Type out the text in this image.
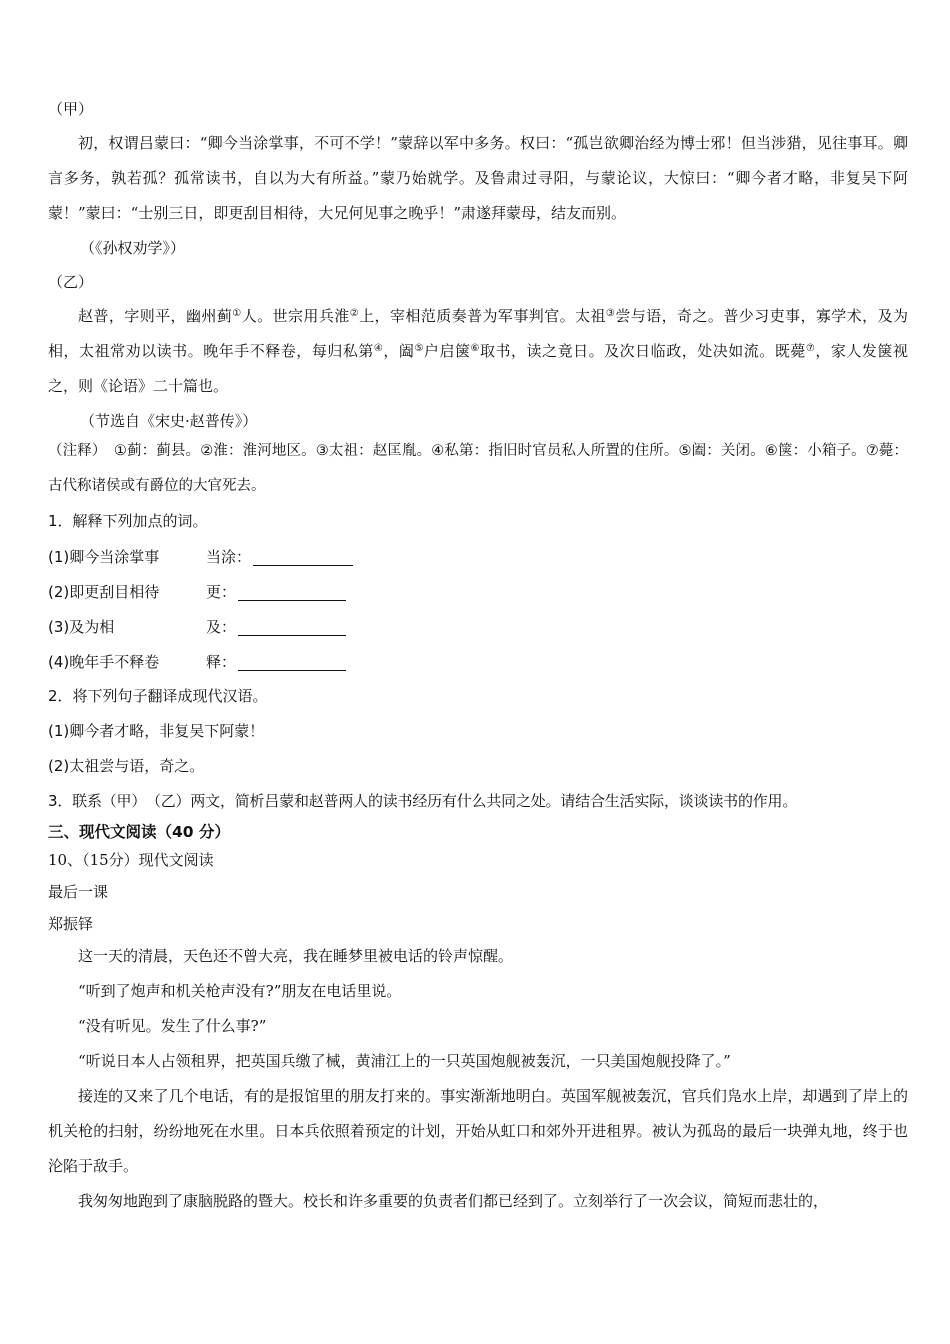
（甲）

初，权谓吕蒙曰：“卿今当涂掌事，不可不学！”蒙辞以军中多务。权曰：“孤岂欲卿治经为博士邪！但当涉猎，见往事耳。卿言多务，孰若孤？孤常读书，自以为大有所益。”蒙乃始就学。及鲁肃过寻阳，与蒙论议，大惊曰：“卿今者才略，非复吴下阿蒙！”蒙曰：“士别三日，即更刮目相待，大兄何见事之晚乎！”肃遂拜蒙母，结友而别。

（《孙权劝学》）
（乙）

赵普，字则平，幽州蓟①人。世宗用兵淮②上，宰相范质奏普为军事判官。太祖③尝与语，奇之。普少习吏事，寡学术，及为相，太祖常劝以读书。晚年手不释卷，每归私第④，阖⑤户启箧⑥取书，读之竟日。及次日临政，处决如流。既薨⑦，家人发箧视之，则《论语》二十篇也。

（节选自《宋史·赵普传》）

（注释）　①蓟：蓟县。②淮：淮河地区。③太祖：赵匡胤。④私第：指旧时官员私人所置的住所。⑤阖：关闭。⑥箧：小箱子。⑦薨：古代称诸侯或有爵位的大官死去。

1．解释下列加点的词。
(1)卿今当涂掌事	当涂：
(2)即更刮目相待	更：
(3)及为相	及：
(4)晚年手不释卷	释：
2．将下列句子翻译成现代汉语。
(1)卿今者才略，非复吴下阿蒙！
(2)太祖尝与语，奇之。
3．联系（甲）　（乙）两文，简析吕蒙和赵普两人的读书经历有什么共同之处。请结合生活实际，谈谈读书的作用。
三、现代文阅读（40 分）
10、（15分）现代文阅读
最后一课
郑振铎

这一天的清晨，天色还不曾大亮，我在睡梦里被电话的铃声惊醒。

“听到了炮声和机关枪声没有?”朋友在电话里说。

“没有听见。发生了什么事?”

“听说日本人占领租界，把英国兵缴了械，黄浦江上的一只英国炮舰被轰沉，一只美国炮舰投降了。”

接连的又来了几个电话，有的是报馆里的朋友打来的。事实渐渐地明白。英国军舰被轰沉，官兵们凫水上岸，却遇到了岸上的机关枪的扫射，纷纷地死在水里。日本兵依照着预定的计划，开始从虹口和郊外开进租界。被认为孤岛的最后一块弹丸地，终于也沦陷于敌手。

我匆匆地跑到了康脑脱路的暨大。校长和许多重要的负责者们都已经到了。立刻举行了一次会议，简短而悲壮的，
